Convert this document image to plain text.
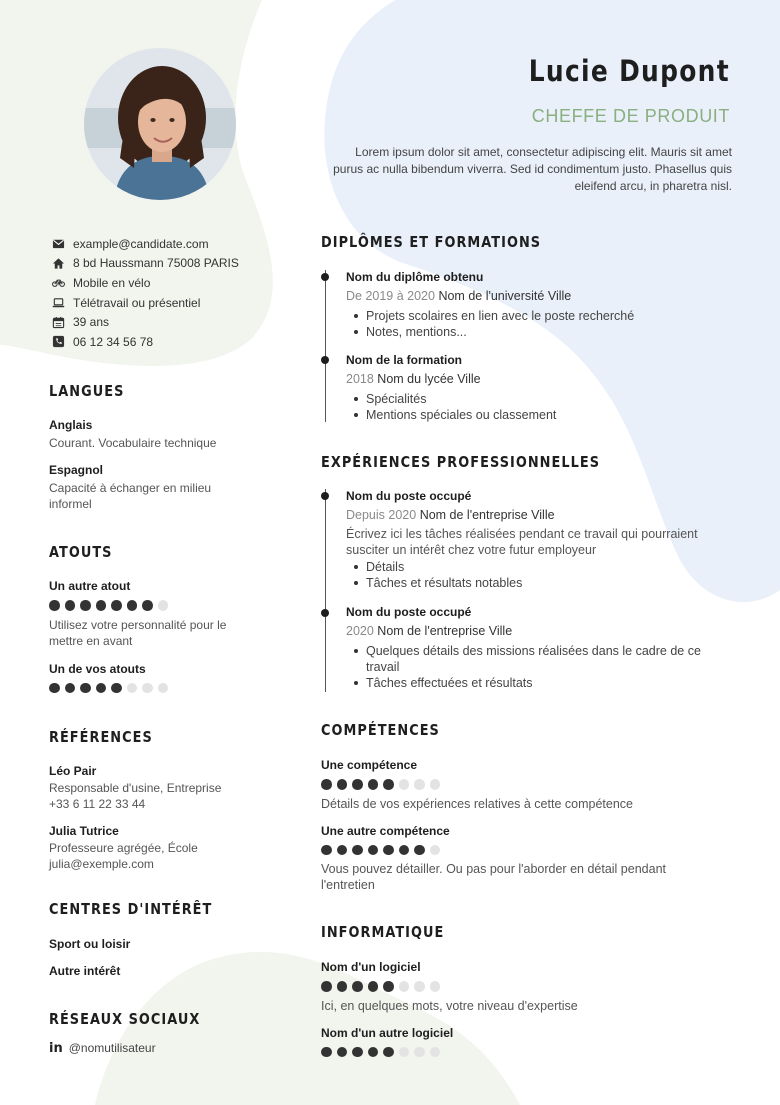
Lucie Dupont
CHEFFE DE PRODUIT
Lorem ipsum dolor sit amet, consectetur adipiscing elit. Mauris sit amet purus ac nulla bibendum viverra. Sed id condimentum justo. Phasellus quis eleifend arcu, in pharetra nisl.
example@candidate.com
8 bd Haussmann 75008 PARIS
Mobile en vélo
Télétravail ou présentiel
39 ans
06 12 34 56 78
LANGUES
Anglais
Courant. Vocabulaire technique
Espagnol
Capacité à échanger en milieu informel
ATOUTS
Un autre atout
Utilisez votre personnalité pour le mettre en avant
Un de vos atouts
RÉFÉRENCES
Léo Pair
Responsable d'usine, Entreprise
+33 6 11 22 33 44
Julia Tutrice
Professeure agrégée, École
julia@exemple.com
CENTRES D'INTÉRÊT
Sport ou loisir
Autre intérêt
RÉSEAUX SOCIAUX
in @nomutilisateur
DIPLÔMES ET FORMATIONS
Nom du diplôme obtenu
De 2019 à 2020 Nom de l'université Ville
Projets scolaires en lien avec le poste recherché
Notes, mentions...
Nom de la formation
2018 Nom du lycée Ville
Spécialités
Mentions spéciales ou classement
EXPÉRIENCES PROFESSIONNELLES
Nom du poste occupé
Depuis 2020 Nom de l'entreprise Ville
Écrivez ici les tâches réalisées pendant ce travail qui pourraient susciter un intérêt chez votre futur employeur
Détails
Tâches et résultats notables
Nom du poste occupé
2020 Nom de l'entreprise Ville
Quelques détails des missions réalisées dans le cadre de ce travail
Tâches effectuées et résultats
COMPÉTENCES
Une compétence
Détails de vos expériences relatives à cette compétence
Une autre compétence
Vous pouvez détailler. Ou pas pour l'aborder en détail pendant l'entretien
INFORMATIQUE
Nom d'un logiciel
Ici, en quelques mots, votre niveau d'expertise
Nom d'un autre logiciel
